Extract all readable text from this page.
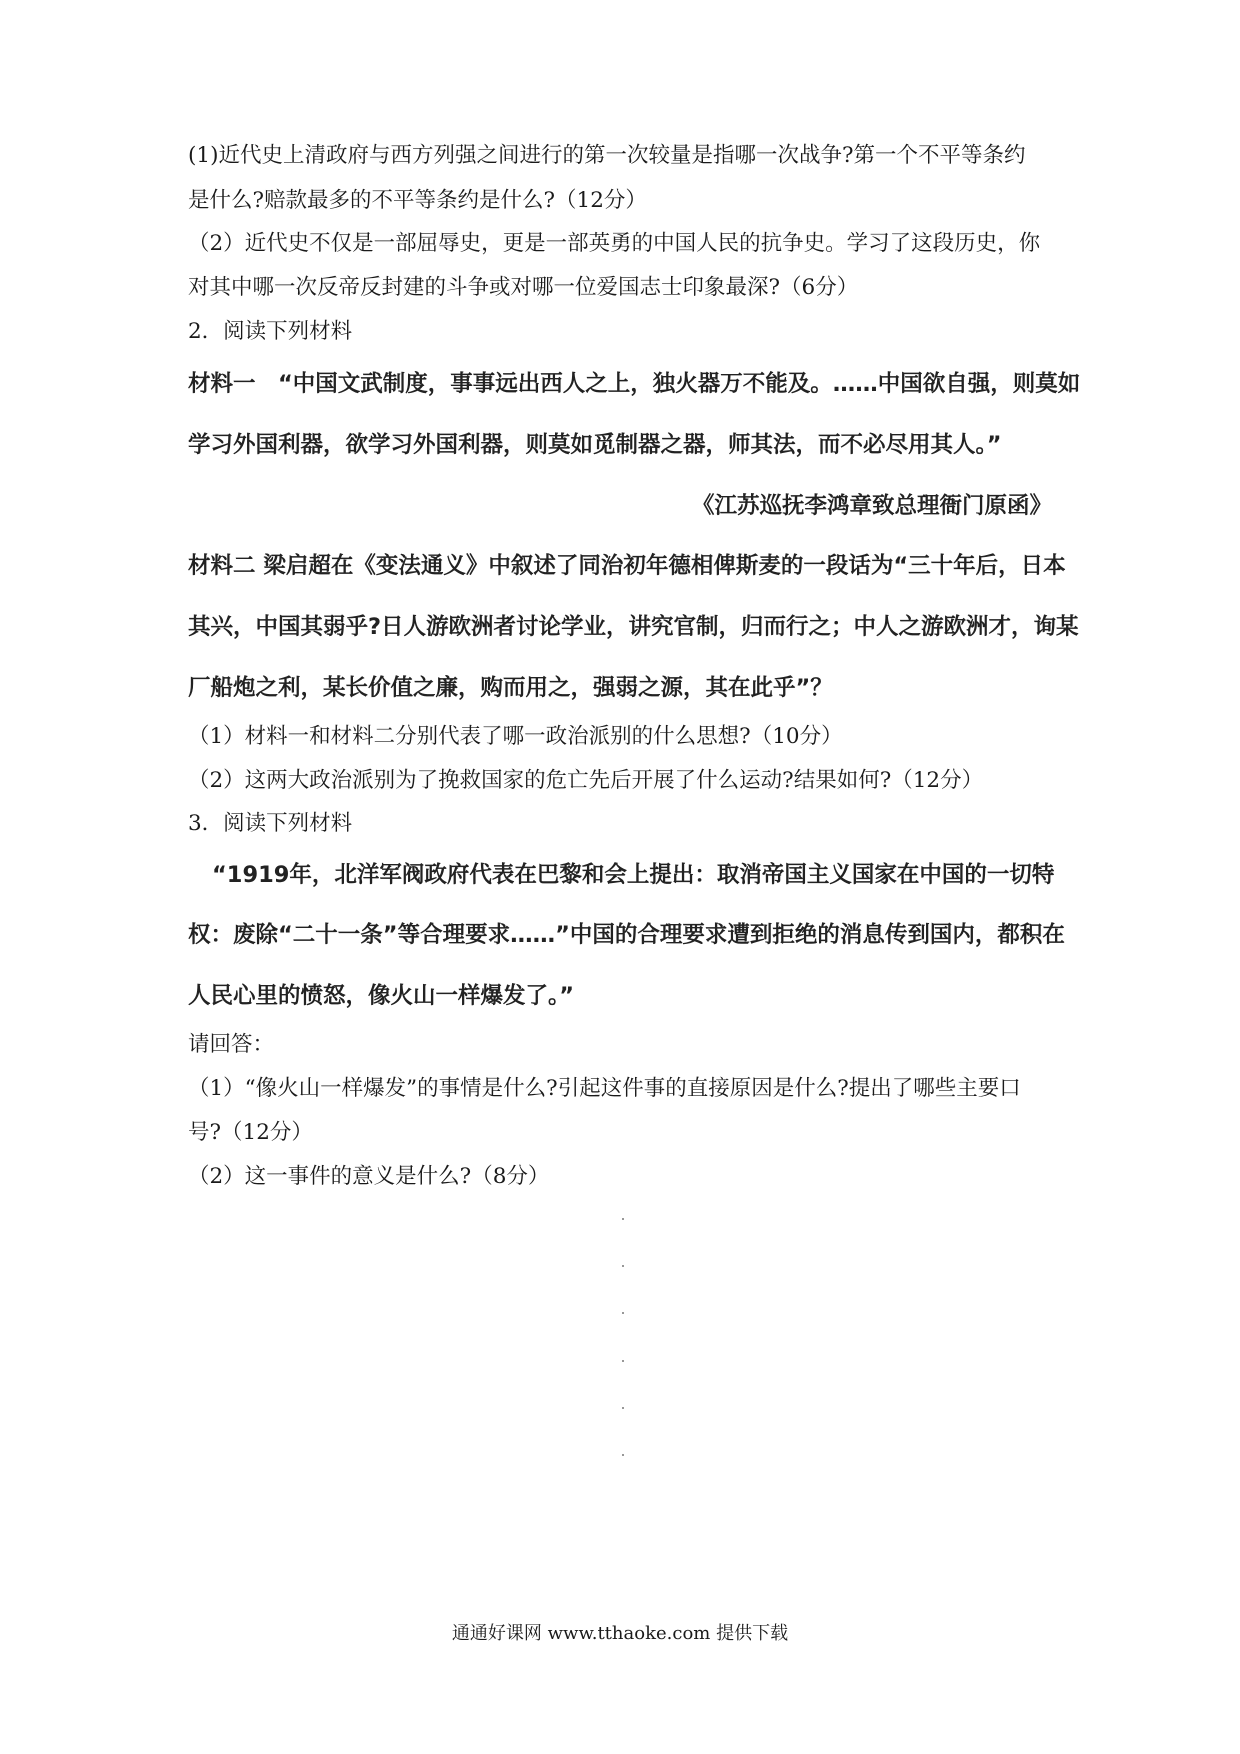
(1)近代史上清政府与西方列强之间进行的第一次较量是指哪一次战争?第一个不平等条约
是什么?赔款最多的不平等条约是什么?（12分）
（2）近代史不仅是一部屈辱史，更是一部英勇的中国人民的抗争史。学习了这段历史，你
对其中哪一次反帝反封建的斗争或对哪一位爱国志士印象最深?（6分）
2．阅读下列材料
材料一　“中国文武制度，事事远出西人之上，独火器万不能及。……中国欲自强，则莫如
学习外国利器，欲学习外国利器，则莫如觅制器之器，师其法，而不必尽用其人。”
《江苏巡抚李鸿章致总理衙门原函》
材料二 梁启超在《变法通义》中叙述了同治初年德相俾斯麦的一段话为“三十年后，日本
其兴，中国其弱乎?日人游欧洲者讨论学业，讲究官制，归而行之；中人之游欧洲才，询某
厂船炮之利，某长价值之廉，购而用之，强弱之源，其在此乎”？
（1）材料一和材料二分别代表了哪一政治派别的什么思想?（10分）
（2）这两大政治派别为了挽救国家的危亡先后开展了什么运动?结果如何?（12分）
3．阅读下列材料
“1919年，北洋军阀政府代表在巴黎和会上提出：取消帝国主义国家在中国的一切特
权：废除“二十一条”等合理要求……”中国的合理要求遭到拒绝的消息传到国内，都积在
人民心里的愤怒，像火山一样爆发了。”
请回答：
（1）“像火山一样爆发”的事情是什么?引起这件事的直接原因是什么?提出了哪些主要口
号?（12分）
（2）这一事件的意义是什么?（8分）
通通好课网 www.tthaoke.com 提供下载
